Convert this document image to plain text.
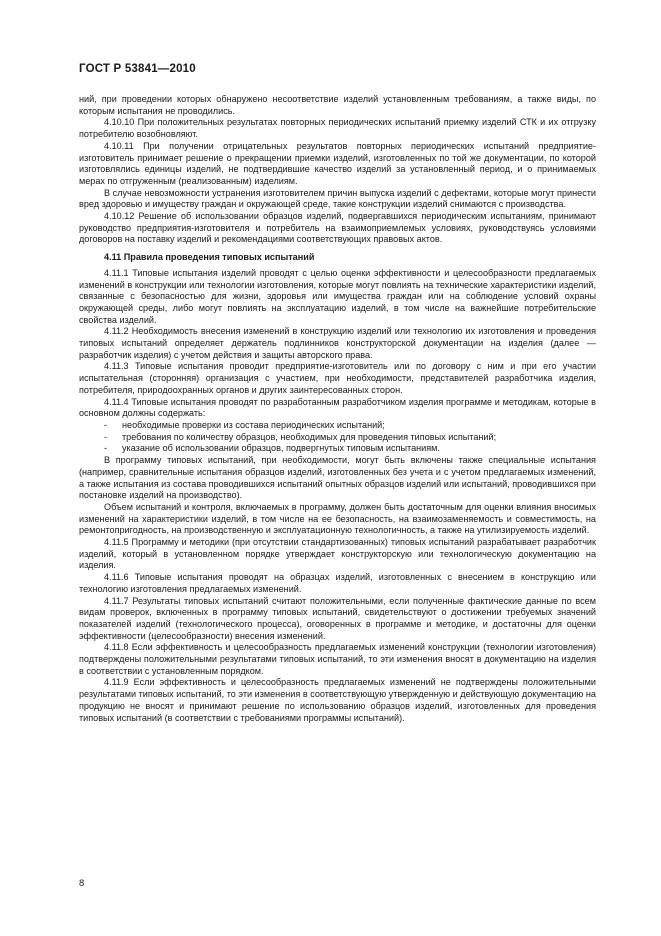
ГОСТ Р 53841—2010

ний, при проведении которых обнаружено несоответствие изделий установленным требованиям, а также виды, по которым испытания не проводились.

4.10.10 При положительных результатах повторных периодических испытаний приемку изделий СТК и их отгрузку потребителю возобновляют.

4.10.11 При получении отрицательных результатов повторных периодических испытаний предприятие-изготовитель принимает решение о прекращении приемки изделий, изготовленных по той же документации, по которой изготовлялись единицы изделий, не подтвердившие качество изделий за установленный период, и о принимаемых мерах по отгруженным (реализованным) изделиям.

В случае невозможности устранения изготовителем причин выпуска изделий с дефектами, которые могут принести вред здоровью и имуществу граждан и окружающей среде, такие конструкции изделий снимаются с производства.

4.10.12 Решение об использовании образцов изделий, подвергавшихся периодическим испытаниям, принимают руководство предприятия-изготовителя и потребитель на взаимоприемлемых условиях, руководствуясь условиями договоров на поставку изделий и рекомендациями соответствующих правовых актов.

4.11 Правила проведения типовых испытаний

4.11.1 Типовые испытания изделий проводят с целью оценки эффективности и целесообразности предлагаемых изменений в конструкции или технологии изготовления, которые могут повлиять на технические характеристики изделий, связанные с безопасностью для жизни, здоровья или имущества граждан или на соблюдение условий охраны окружающей среды, либо могут повлиять на эксплуатацию изделий, в том числе на важнейшие потребительские свойства изделий.

4.11.2 Необходимость внесения изменений в конструкцию изделий или технологию их изготовления и проведения типовых испытаний определяет держатель подлинников конструкторской документации на изделия (далее — разработчик изделия) с учетом действия и защиты авторского права.

4.11.3 Типовые испытания проводит предприятие-изготовитель или по договору с ним и при его участии испытательная (сторонняя) организация с участием, при необходимости, представителей разработчика изделия, потребителя, природоохранных органов и других заинтересованных сторон.

4.11.4 Типовые испытания проводят по разработанным разработчиком изделия программе и методикам, которые в основном должны содержать:

- необходимые проверки из состава периодических испытаний;

- требования по количеству образцов, необходимых для проведения типовых испытаний;

- указание об использовании образцов, подвергнутых типовым испытаниям.

В программу типовых испытаний, при необходимости, могут быть включены также специальные испытания (например, сравнительные испытания образцов изделий, изготовленных без учета и с учетом предлагаемых изменений, а также испытания из состава проводившихся испытаний опытных образцов изделий или испытаний, проводившихся при постановке изделий на производство).

Объем испытаний и контроля, включаемых в программу, должен быть достаточным для оценки влияния вносимых изменений на характеристики изделий, в том числе на ее безопасность, на взаимозаменяемость и совместимость, на ремонтопригодность, на производственную и эксплуатационную технологичность, а также на утилизируемость изделий.

4.11.5 Программу и методики (при отсутствии стандартизованных) типовых испытаний разрабатывает разработчик изделий, который в установленном порядке утверждает конструкторскую или технологическую документацию на изделия.

4.11.6 Типовые испытания проводят на образцах изделий, изготовленных с внесением в конструкцию или технологию изготовления предлагаемых изменений.

4.11.7 Результаты типовых испытаний считают положительными, если полученные фактические данные по всем видам проверок, включенных в программу типовых испытаний, свидетельствуют о достижении требуемых значений показателей изделий (технологического процесса), оговоренных в программе и методике, и достаточны для оценки эффективности (целесообразности) внесения изменений.

4.11.8 Если эффективность и целесообразность предлагаемых изменений конструкции (технологии изготовления) подтверждены положительными результатами типовых испытаний, то эти изменения вносят в документацию на изделия в соответствии с установленным порядком.

4.11.9 Если эффективность и целесообразность предлагаемых изменений не подтверждены положительными результатами типовых испытаний, то эти изменения в соответствующую утвержденную и действующую документацию на продукцию не вносят и принимают решение по использованию образцов изделий, изготовленных для проведения типовых испытаний (в соответствии с требованиями программы испытаний).

8
